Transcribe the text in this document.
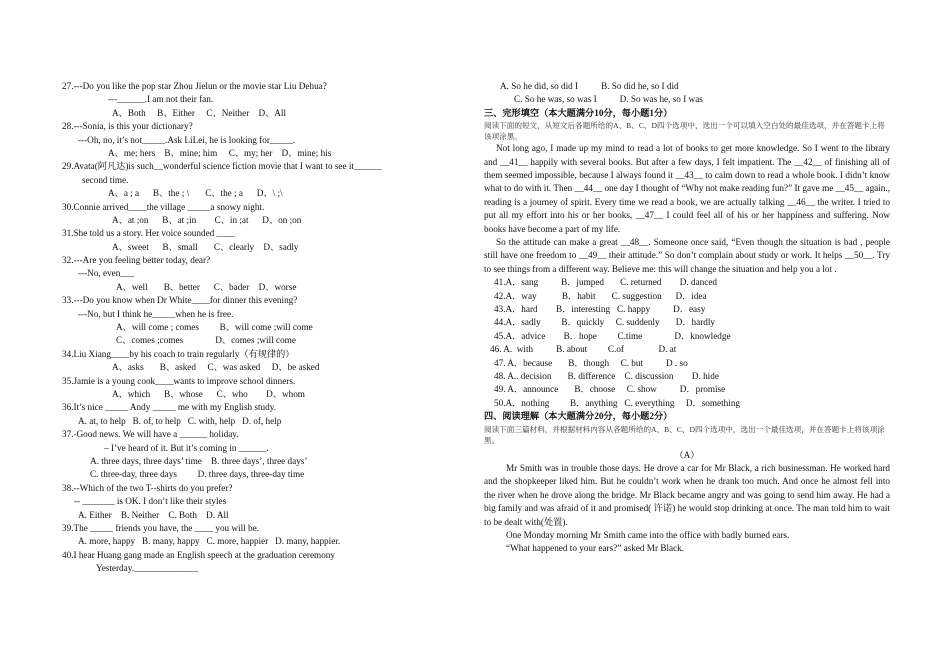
27.---Do you like the pop star Zhou Jielun or the movie star Liu Dehua?
---______.I am not their fan.
A、Both     B、Either     C、Neither    D、All
28.---Sonia, is this your dictionary?
---Oh, no, it’s not_____.Ask LiLei, he is looking for_____.
A、me; hers    B、mine; him     C、my; her    D、mine; his
29.Avata(阿凡达)is such__wonderful science fiction movie that I want to see it______
second time.
A、a ; a      B、the ; \       C、the ; a      D、\ ;\
30.Connie arrived____the village _____a snowy night.
A、at ;on      B、at ;in        C、in ;at      D、on ;on
31.She told us a story. Her voice sounded ____
A、sweet      B、small       C、clearly    D、sadly
32.---Are you feeling better today, dear?
---No, even___
A、well       B、better      C、bader    D、worse
33.---Do you know when Dr White____for dinner this evening?
---No, but I think he_____when he is free.
A、will come ; comes         B、will come ;will come
C、comes ;comes              D、comes ;will come
34.Liu Xiang____by his coach to train regularly（有规律的）
A、asks       B、asked     C、was asked     D、be asked
35.Jamie is a young cook____wants to improve school dinners.
A、which      B、whose      C、who        D、whom
36.It’s nice _____ Andy _____ me with my English study.
A. at, to help   B. of, to help   C. with, help   D. of, help
37.-Good news. We will have a ______ holiday.
– I’ve heard of it. But it’s coming in ______.
A. three days, three days’ time    B. three days’, three days’
C. three-day, three days         D. three days, three-day time
38.--Which of the two T--shirts do you prefer?
-- _______ is OK. I don’t like their styles
A. Either    B. Neither    C. Both    D. All
39.The _____ friends you have, the ____ you will be.
A. more, happy   B. many, happy   C. more, happier   D. many, happier.
40.I hear Huang gang made an English speech at the graduation ceremony
Yesterday.______________
A. So he did, so did I          B. So did he, so I did
C. So he was, so was I          D. So was he, so I was
三、完形填空（本大题满分10分，每小题1分）
阅读下面的短文，从短文后各题所给的A、B、C、D四个选项中，选出一个可以填入空白处的最佳选项，并在答题卡上将该项涂黑。
Not long ago, I made up my mind to read a lot of books to get more knowledge. So I went to the library and __41__ happily with several books. But after a few days, I felt impatient. The __42__ of finishing all of them seemed impossible, because I always found it __43__ to calm down to read a whole book. I didn’t know what to do with it. Then __44__ one day I thought of “Why not make reading fun?” It gave me __45__ again., reading is a journey of spirit. Every time we read a book, we are actually talking __46__ the writer. I tried to put all my effort into his or her books, __47__ I could feel all of his or her happiness and suffering. Now books have become a part of my life.
So the attitude can make a great __48__. Someone once said, “Even though the situation is bad , people still have one freedom to __49__ their attitude.” So don’t complain about study or work. It helps __50__. Try to see things from a different way. Believe me: this will change the situation and help you a lot .
41.A．sang          B．jumped       C. returned        D. danced
42.A．way           B．habit       C. suggestion      D．idea
43.A．hard        B．interesting   C. happy          D．easy
44.A．sadly         B．quickly     C. suddenly       D．hardly
45.A．advice        B．hope         C.time              D．knowledge
46. A.  with          B. about         C.of               D. at
47. A．because       B．though     C. but          D . so
48. A.. decision       B. difference    C. discussion        D. hide
49. A．announce       B．choose     C. show          D．promise
50.A．nothing         B．anything   C. everything     D．something
四、阅读理解（本大题满分20分，每小题2分）
阅读下面三篇材料，并根据材料内容从各题所给的A、B、C、D四个选项中，选出一个最佳选项，并在答题卡上将该项涂黑。
（A）
Mr Smith was in trouble those days. He drove a car for Mr Black, a rich businessman. He worked hard and the shopkeeper liked him. But he couldn’t work when he drank too much. And once he almost fell into the river when he drove along the bridge. Mr Black became angry and was going to send him away. He had a big family and was afraid of it and promised( 许诺) he would stop drinking at once. The man told him to wait to be dealt with(处置).
One Monday morning Mr Smith came into the office with badly burned ears.
“What happened to your ears?” asked Mr Black.
